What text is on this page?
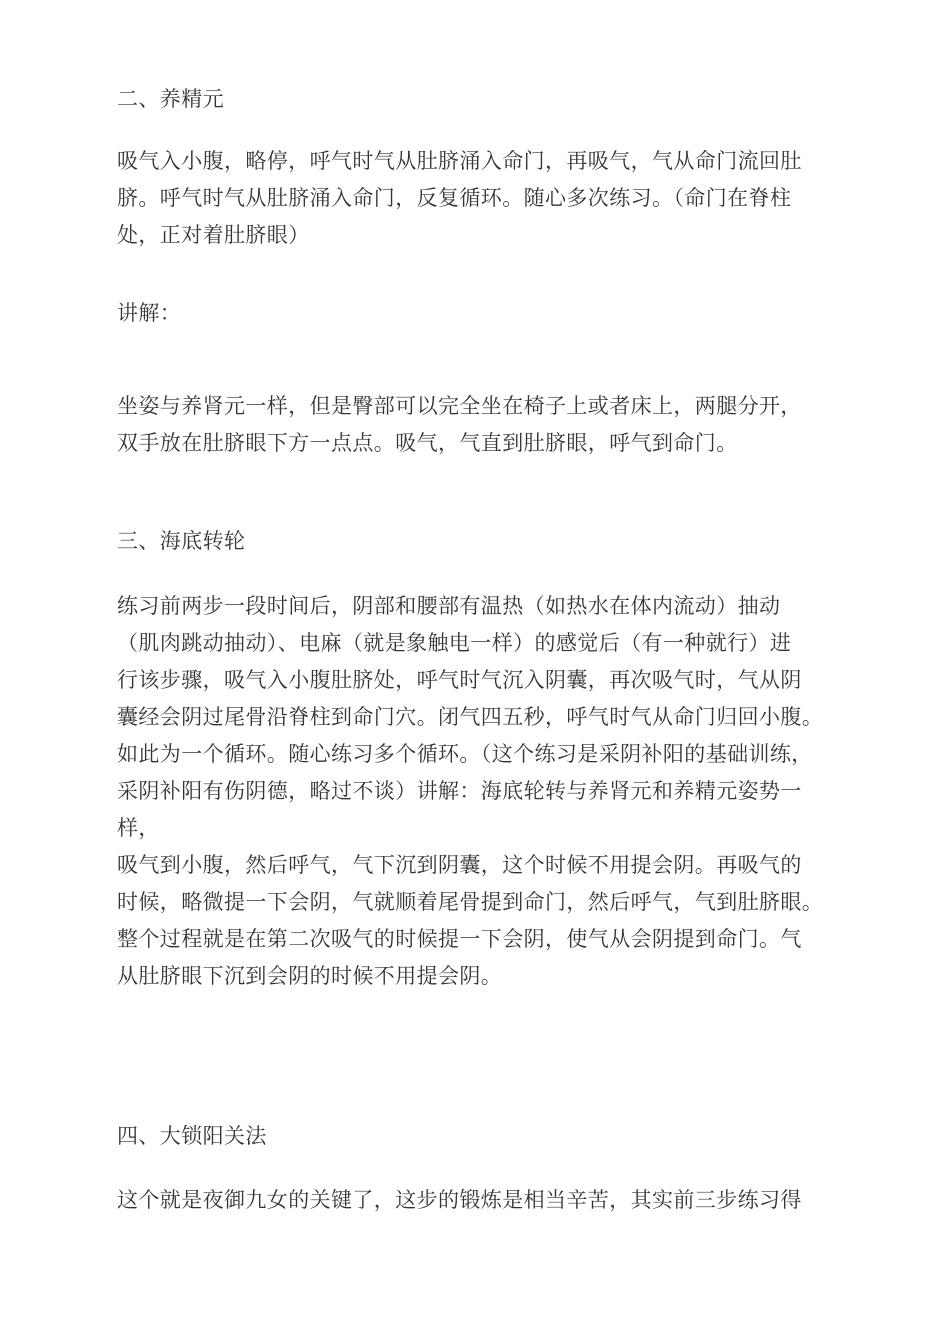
二、养精元
吸气入小腹，略停，呼气时气从肚脐涌入命门，再吸气，气从命门流回肚
脐。呼气时气从肚脐涌入命门，反复循环。随心多次练习。（命门在脊柱
处，正对着肚脐眼）
讲解：
坐姿与养肾元一样，但是臀部可以完全坐在椅子上或者床上，两腿分开，
双手放在肚脐眼下方一点点。吸气，气直到肚脐眼，呼气到命门。
三、海底转轮
练习前两步一段时间后，阴部和腰部有温热（如热水在体内流动）抽动
（肌肉跳动抽动）、电麻（就是象触电一样）的感觉后（有一种就行）进
行该步骤，吸气入小腹肚脐处，呼气时气沉入阴囊，再次吸气时，气从阴
囊经会阴过尾骨沿脊柱到命门穴。闭气四五秒，呼气时气从命门归回小腹。
如此为一个循环。随心练习多个循环。（这个练习是采阴补阳的基础训练，
采阴补阳有伤阴德，略过不谈）讲解：海底轮转与养肾元和养精元姿势一
样，
吸气到小腹，然后呼气，气下沉到阴囊，这个时候不用提会阴。再吸气的
时候，略微提一下会阴，气就顺着尾骨提到命门，然后呼气，气到肚脐眼。
整个过程就是在第二次吸气的时候提一下会阴，使气从会阴提到命门。气
从肚脐眼下沉到会阴的时候不用提会阴。
四、大锁阳关法
这个就是夜御九女的关键了，这步的锻炼是相当辛苦，其实前三步练习得
